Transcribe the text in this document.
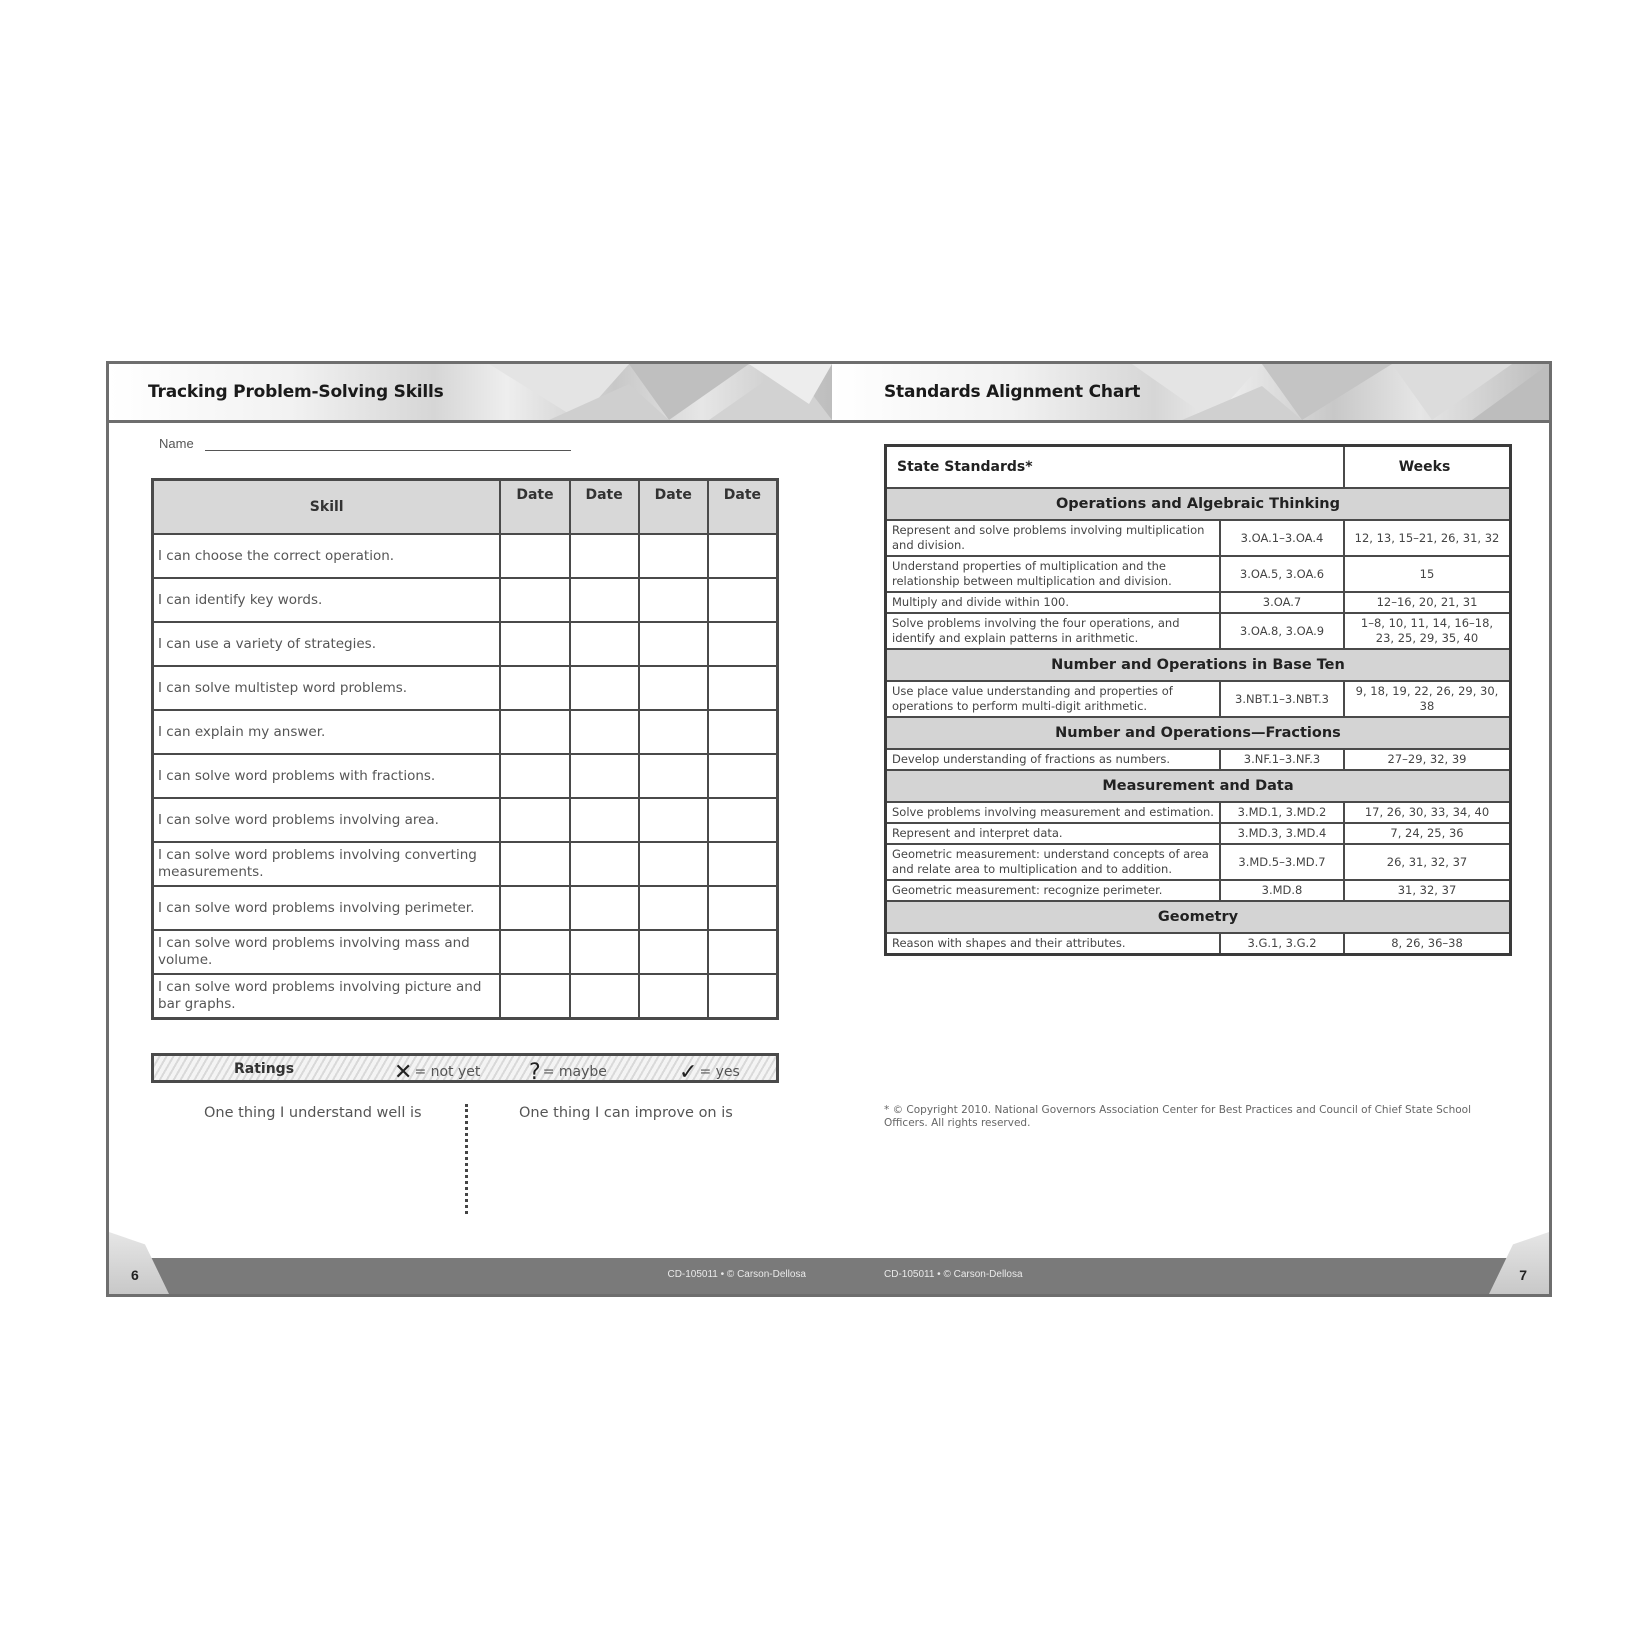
Tracking Problem-Solving Skills
Name
Skill	Date	Date	Date	Date
I can choose the correct operation.				
I can identify key words.				
I can use a variety of strategies.				
I can solve multistep word problems.				
I can explain my answer.				
I can solve word problems with fractions.				
I can solve word problems involving area.				
I can solve word problems involving converting measurements.				
I can solve word problems involving perimeter.				
I can solve word problems involving mass and volume.				
I can solve word problems involving picture and bar graphs.				
Ratings	✕ = not yet ? = maybe	✓ = yes
One thing I understand well is	One thing I can improve on is
6	CD-105011 • © Carson-Dellosa
Standards Alignment Chart
State Standards*		Weeks
Operations and Algebraic Thinking		
Represent and solve problems involving multiplication and division.	3.OA.1–3.OA.4	12, 13, 15–21, 26, 31, 32
Understand properties of multiplication and the relationship between multiplication and division.	3.OA.5, 3.OA.6	15
Multiply and divide within 100.	3.OA.7	12–16, 20, 21, 31
Solve problems involving the four operations, and identify and explain patterns in arithmetic.	3.OA.8, 3.OA.9	1–8, 10, 11, 14, 16–18, 23, 25, 29, 35, 40
Number and Operations in Base Ten		
Use place value understanding and properties of operations to perform multi-digit arithmetic.	3.NBT.1–3.NBT.3	9, 18, 19, 22, 26, 29, 30, 38
Number and Operations—Fractions		
Develop understanding of fractions as numbers.	3.NF.1–3.NF.3	27–29, 32, 39
Measurement and Data		
Solve problems involving measurement and estimation.	3.MD.1, 3.MD.2	17, 26, 30, 33, 34, 40
Represent and interpret data.	3.MD.3, 3.MD.4	7, 24, 25, 36
Geometric measurement: understand concepts of area and relate area to multiplication and to addition.	3.MD.5–3.MD.7	26, 31, 32, 37
Geometric measurement: recognize perimeter.	3.MD.8	31, 32, 37
Geometry		
Reason with shapes and their attributes.	3.G.1, 3.G.2	8, 26, 36–38
* © Copyright 2010. National Governors Association Center for Best Practices and Council of Chief State School Officers. All rights reserved.
7
CD-105011 • © Carson-Dellosa
